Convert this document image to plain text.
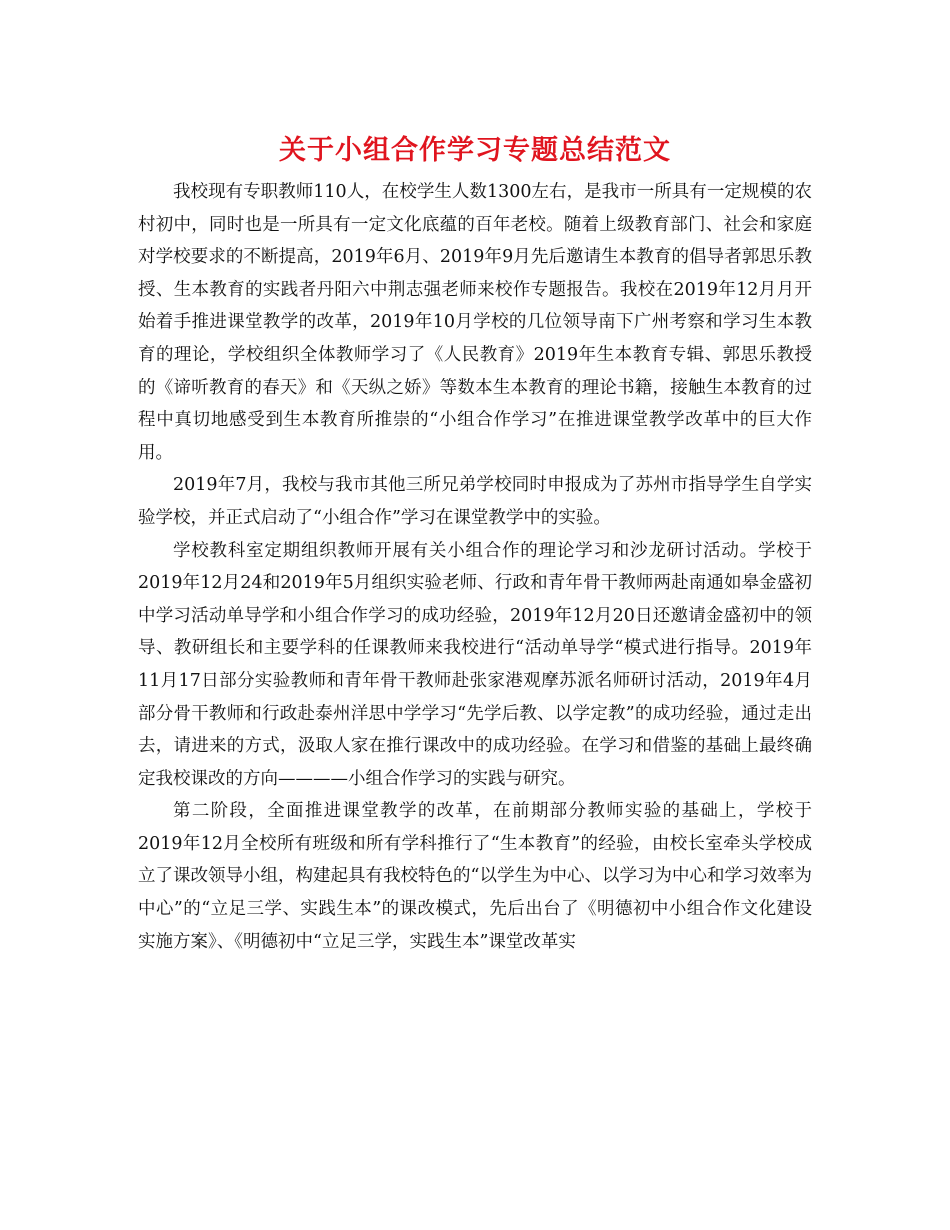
关于小组合作学习专题总结范文

我校现有专职教师110人，在校学生人数1300左右，是我市一所具有一定规模的农村初中，同时也是一所具有一定文化底蕴的百年老校。随着上级教育部门、社会和家庭对学校要求的不断提高，2019年6月、2019年9月先后邀请生本教育的倡导者郭思乐教授、生本教育的实践者丹阳六中荆志强老师来校作专题报告。我校在2019年12月月开始着手推进课堂教学的改革，2019年10月学校的几位领导南下广州考察和学习生本教育的理论，学校组织全体教师学习了《人民教育》2019年生本教育专辑、郭思乐教授的《谛听教育的春天》和《天纵之娇》等数本生本教育的理论书籍，接触生本教育的过程中真切地感受到生本教育所推崇的“小组合作学习”在推进课堂教学改革中的巨大作用。

2019年7月，我校与我市其他三所兄弟学校同时申报成为了苏州市指导学生自学实验学校，并正式启动了“小组合作”学习在课堂教学中的实验。

学校教科室定期组织教师开展有关小组合作的理论学习和沙龙研讨活动。学校于2019年12月24和2019年5月组织实验老师、行政和青年骨干教师两赴南通如皋金盛初中学习活动单导学和小组合作学习的成功经验，2019年12月20日还邀请金盛初中的领导、教研组长和主要学科的任课教师来我校进行“活动单导学“模式进行指导。2019年11月17日部分实验教师和青年骨干教师赴张家港观摩苏派名师研讨活动，2019年4月部分骨干教师和行政赴泰州洋思中学学习“先学后教、以学定教”的成功经验，通过走出去，请进来的方式，汲取人家在推行课改中的成功经验。在学习和借鉴的基础上最终确定我校课改的方向————小组合作学习的实践与研究。

第二阶段，全面推进课堂教学的改革，在前期部分教师实验的基础上，学校于2019年12月全校所有班级和所有学科推行了“生本教育”的经验，由校长室牵头学校成立了课改领导小组，构建起具有我校特色的“以学生为中心、以学习为中心和学习效率为中心”的“立足三学、实践生本”的课改模式，先后出台了《明德初中小组合作文化建设实施方案》、《明德初中“立足三学，实践生本”课堂改革实
